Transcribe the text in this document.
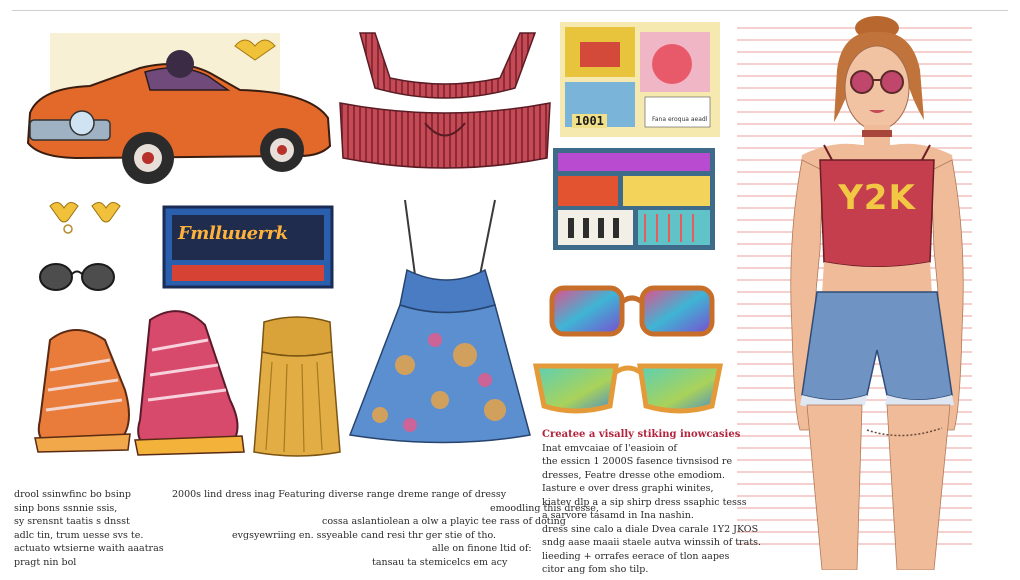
1001	Fana eroqua aeadl
Fmlluuerrk
Y2K
Createe a visally stiking inowcasies
Inat emvcaiae of l'easioin of
the essicn 1 2000S fasence tivnsisod re
dresses, Featre dresse othe emodiom.
Iasture e over dress graphi winites,
kiatev dlp a a sip shirp dress ssaphic tesss
a sarvore tasamd in Ina nashin.
dress sine calo a diale Dvea carale 1Y2 JKOS
sndg aase maaii staele autva winssih of trats.
lieeding + orrafes eerace of tlon aapes
citor ang fom sho tilp.
drool ssinwfinc bo bsinp
sinp bons ssnnie ssis,
sy srensnt taatis s dnsst
adlc tin, trum uesse svs te.
actuato wtsierne waith aaatras
pragt nin bol
2000s lind dress inag Featuring diverse range dreme range of dressy
emoodling this dresse,
cossa aslantiolean a olw a playic tee rass of doting
evgsyewriing en. ssyeable cand resi thr ger stie of tho.
alle on finone ltid of:
tansau ta stemicelcs em acy
